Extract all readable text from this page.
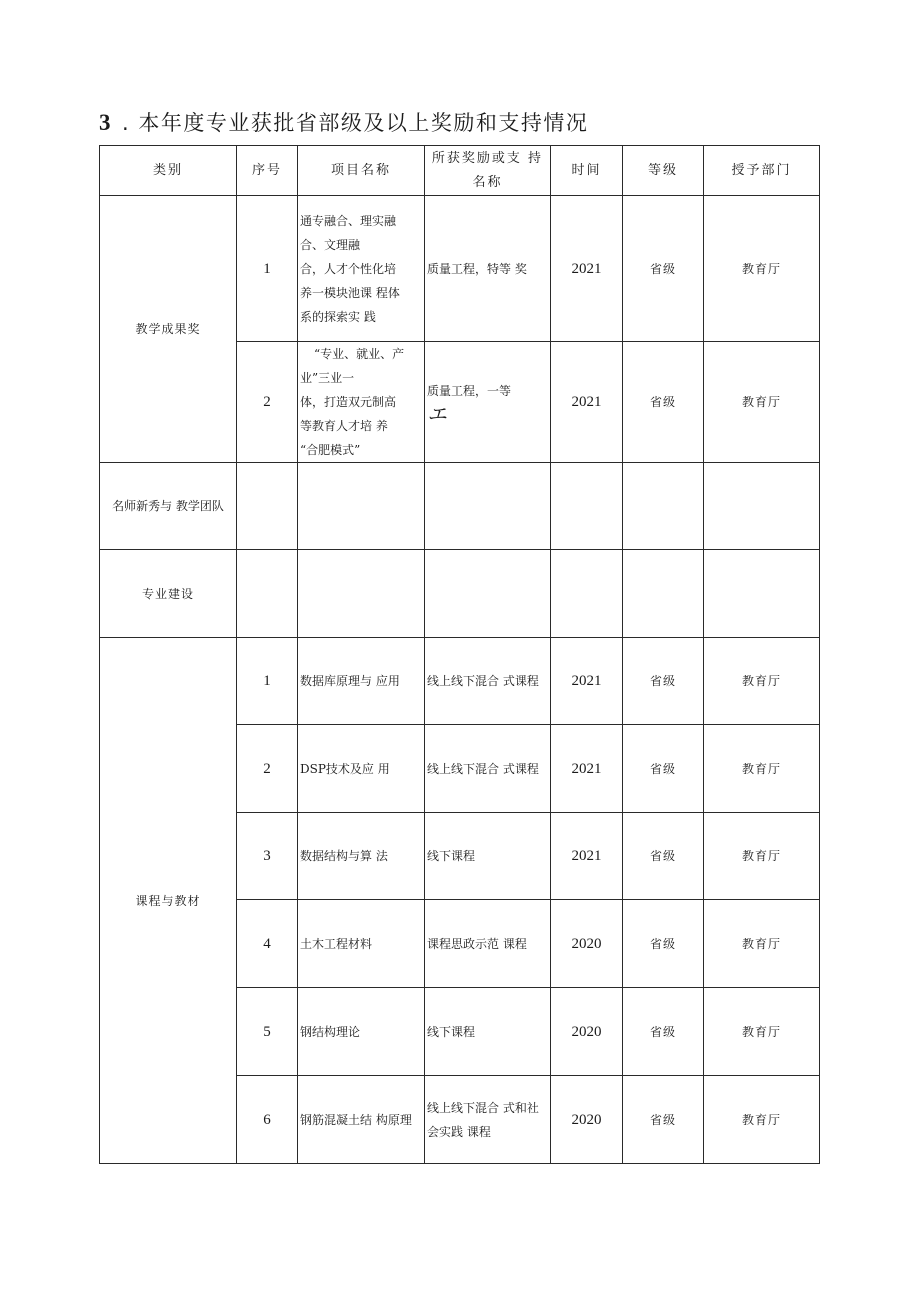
3 . 本年度专业获批省部级及以上奖励和支持情况
类别	序号	项目名称	所获奖励或支 持名称	时间	等级	授予部门
教学成果奖	1	通专融合、理实融
合、文理融
合，人才个性化培
养一模块池课 程体
系的探索实 践	质量工程，特等 奖	2021	省级	教育厅
	2	“专业、就业、产
业”三业一
体，打造双元制高
等教育人才培 养
“合肥模式”	质量工程，一等
エ	2021	省级	教育厅
名师新秀与 教学团队						
专业建设						
课程与教材	1	数据库原理与 应用	线上线下混合 式课程	2021	省级	教育厅
	2	DSP技术及应 用	线上线下混合 式课程	2021	省级	教育厅
	3	数据结构与算 法	线下课程	2021	省级	教育厅
	4	土木工程材料	课程思政示范 课程	2020	省级	教育厅
	5	钢结构理论	线下课程	2020	省级	教育厅
	6	钢筋混凝土结 构原理	线上线下混合 式和社会实践 课程	2020	省级	教育厅
